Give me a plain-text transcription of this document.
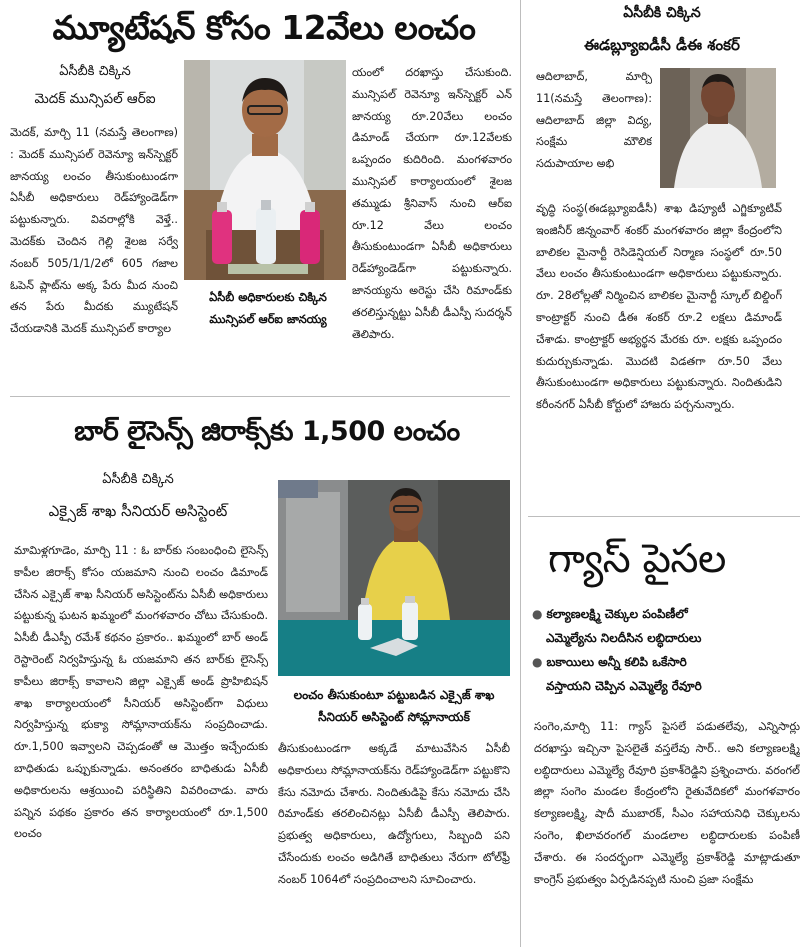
మ్యూటేషన్ కోసం 12వేలు లంచం
ఏసీబీకి చిక్కిన
మెదక్ మున్సిపల్ ఆర్ఐ
మెదక్, మార్చి 11 (నమస్తే తెలంగాణ) : మెదక్ మున్సిపల్ రెవెన్యూ ఇన్‌స్పెక్టర్ జానయ్య లంచం తీసుకుంటుండగా ఏసీబీ అధికారులు రెడ్‌హ్యాండెడ్‌గా పట్టుకున్నారు. వివరాల్లోకి వెళ్తే.. మెదక్‌కు చెందిన గెల్లి శైలజ సర్వే నంబర్ 505/1/1/2లో 605 గజాల ఓపెన్ ప్లాట్‌ను అక్క పేరు మీద నుంచి తన పేరు మీదకు మ్యుటేషన్ చేయడానికి మెదక్ మున్సిపల్ కార్యాల
ఏసీబీ అధికారులకు చిక్కిన మున్సిపల్ ఆర్ఐ జానయ్య
యంలో దరఖాస్తు చేసుకుంది. మున్సిపల్ రెవెన్యూ ఇన్‌స్పెక్టర్ ఎన్ జానయ్య రూ.20వేలు లంచం డిమాండ్ చేయగా రూ.12వేలకు ఒప్పందం కుదిరింది. మంగళవారం మున్సిపల్ కార్యాలయంలో శైలజ తమ్ముడు శ్రీనివాస్ నుంచి ఆర్ఐ రూ.12 వేలు లంచం తీసుకుంటుండగా ఏసీబీ అధికారులు రెడ్‌హ్యాండెడ్‌గా పట్టుకున్నారు. జానయ్యను అరెస్టు చేసి రిమాండ్‌కు తరలిస్తున్నట్టు ఏసీబీ డీఎస్పీ సుదర్శన్ తెలిపారు.
బార్ లైసెన్స్ జిరాక్స్‌కు 1,500 లంచం
ఏసీబీకి చిక్కిన
ఎక్సైజ్ శాఖ సీనియర్ అసిస్టెంట్
మామిళ్లగూడెం, మార్చి 11 : ఓ బార్‌కు సంబంధించి లైసెన్స్ కాపీల జిరాక్స్ కోసం యజమాని నుంచి లంచం డిమాండ్ చేసిన ఎక్సైజ్ శాఖ సీనియర్ అసిస్టెంట్‌ను ఏసీబీ అధికారులు పట్టుకున్న ఘటన ఖమ్మంలో మంగళవారం చోటు చేసుకుంది. ఏసీబీ డీఎస్పీ రమేశ్ కథనం ప్రకారం.. ఖమ్మంలో బార్ అండ్ రెస్టారెంట్ నిర్వహిస్తున్న ఓ యజమాని తన బార్‌కు లైసెన్స్ కాపీలు జిరాక్స్ కావాలని జిల్లా ఎక్సైజ్ అండ్ ప్రొహిబిషన్ శాఖ కార్యాలయంలో సీనియర్ అసిస్టెంట్‌గా విధులు నిర్వహిస్తున్న భుక్యా సోమ్లానాయక్‌ను సంప్రదించాడు. రూ.1,500 ఇవ్వాలని చెప్పడంతో ఆ మొత్తం ఇచ్చేందుకు బాధితుడు ఒప్పుకున్నాడు. అనంతరం బాధితుడు ఏసీబీ అధికారులను ఆశ్రయించి పరిస్థితిని వివరించాడు. వారు పన్నిన పథకం ప్రకారం తన కార్యాలయంలో రూ.1,500 లంచం
లంచం తీసుకుంటూ పట్టుబడిన ఎక్సైజ్ శాఖ సీనియర్ అసిస్టెంట్ సోమ్లానాయక్
తీసుకుంటుండగా అక్కడే మాటువేసిన ఏసీబీ అధికారులు సోమ్లానాయక్‌ను రెడ్‌హ్యాండెడ్‌గా పట్టుకొని కేసు నమోదు చేశారు. నిందితుడిపై కేసు నమోదు చేసి రిమాండ్‌కు తరలించినట్లు ఏసీబీ డీఎస్పీ తెలిపారు. ప్రభుత్వ అధికారులు, ఉద్యోగులు, సిబ్బంది పని చేసేందుకు లంచం అడిగితే బాధితులు నేరుగా టోల్‌ఫ్రీ నంబర్ 1064లో సంప్రదించాలని సూచించారు.
ఏసీబీకి చిక్కిన
ఈడబ్ల్యూఐడీసీ డీఈ శంకర్
ఆదిలాబాద్, మార్చి 11(నమస్తే తెలంగాణ): ఆదిలాబాద్ జిల్లా విద్య, సంక్షేమ మౌలిక సదుపాయాల అభి
వృద్ధి సంస్థ(ఈడబ్ల్యూఐడీసీ) శాఖ డిప్యూటీ ఎగ్జిక్యూటివ్ ఇంజినీర్ జిన్నంవార్ శంకర్ మంగళవారం జిల్లా కేంద్రంలోని బాలికల మైనార్టీ రెసిడెన్షియల్ నిర్మాణ సంస్థలో రూ.50 వేలు లంచం తీసుకుంటుండగా అధికారులు పట్టుకున్నారు. రూ. 28లోల్లతో నిర్మించిన బాలికల మైనార్టీ స్కూల్ బిల్డింగ్ కాంట్రాక్టర్ నుంచి డీఈ శంకర్ రూ.2 లక్షలు డిమాండ్ చేశాడు. కాంట్రాక్టర్ అభ్యర్థన మేరకు రూ. లక్షకు ఒప్పందం కుదుర్చుకున్నాడు. మొదటి విడతగా రూ.50 వేలు తీసుకుంటుండగా అధికారులు పట్టుకున్నారు. నిందితుడిని కరీంనగర్ ఏసీబీ కోర్టులో హాజరు పర్చనున్నారు.
గ్యాస్ పైసల
● కల్యాణలక్ష్మి చెక్కుల పంపిణీలో
ఎమ్మెల్యేను నిలదీసిన లబ్ధిదారులు
● బకాయిలు అన్నీ కలిపి ఒకేసారి
వస్తాయని చెప్పిన ఎమ్మెల్యే రేవూరి
సంగెం,మార్చి 11: గ్యాస్ పైసలే పడుతలేవు, ఎన్నిసార్లు దరఖాస్తు ఇచ్చినా పైసలైతే వస్తలేవు సార్.. అని కల్యాణలక్ష్మి లబ్ధిదారులు ఎమ్మెల్యే రేవూరి ప్రకాశ్‌రెడ్డిని ప్రశ్నించారు. వరంగల్ జిల్లా సంగెం మండల కేంద్రంలోని రైతువేదికలో మంగళవారం కల్యాణలక్ష్మి, షాదీ ముబారక్, సీఎం సహాయనిధి చెక్కులను సంగెం, ఖిలావరంగల్ మండలాల లబ్ధిదారులకు పంపిణీ చేశారు. ఈ సందర్భంగా ఎమ్మెల్యే ప్రకాశ్‌రెడ్డి మాట్లాడుతూ కాంగ్రెస్ ప్రభుత్వం ఏర్పడినప్పటి నుంచి ప్రజా సంక్షేమ
